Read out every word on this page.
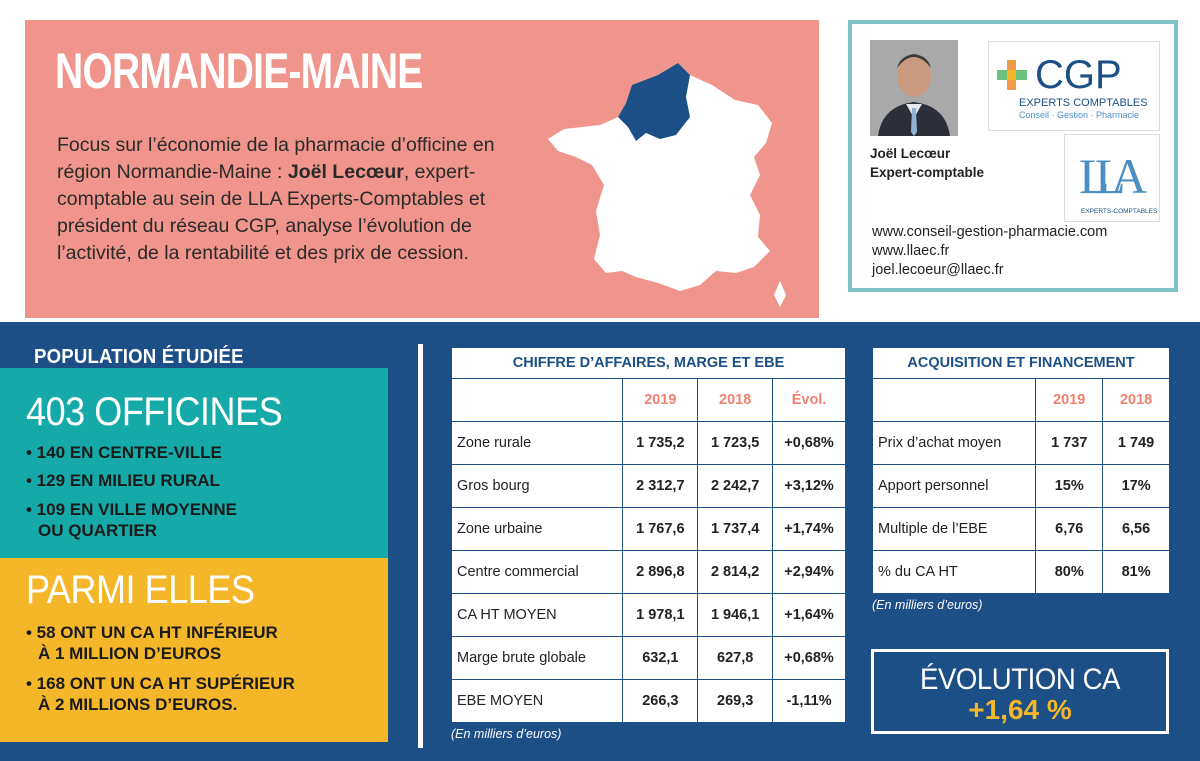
NORMANDIE-MAINE
Focus sur l’économie de la pharmacie d’officine en région Normandie-Maine : Joël Lecœur, expert-comptable au sein de LLA Experts-Comptables et président du réseau CGP, analyse l’évolution de l’activité, de la rentabilité et des prix de cession.
CGP
EXPERTS COMPTABLES
Conseil · Gestion · Pharmacie
LLA
EXPERTS-COMPTABLES
Joël Lecœur
Expert-comptable
www.conseil-gestion-pharmacie.com
www.llaec.fr
joel.lecoeur@llaec.fr
POPULATION ÉTUDIÉE
403 OFFICINES
• 140 EN CENTRE-VILLE
• 129 EN MILIEU RURAL
• 109 EN VILLE MOYENNE
OU QUARTIER
PARMI ELLES
• 58 ONT UN CA HT INFÉRIEUR
À 1 MILLION D’EUROS
• 168 ONT UN CA HT SUPÉRIEUR
À 2 MILLIONS D’EUROS.
CHIFFRE D’AFFAIRES, MARGE ET EBE			
	2019	2018	Évol.
Zone rurale	1 735,2	1 723,5	+0,68%
Gros bourg	2 312,7	2 242,7	+3,12%
Zone urbaine	1 767,6	1 737,4	+1,74%
Centre commercial	2 896,8	2 814,2	+2,94%
CA HT MOYEN	1 978,1	1 946,1	+1,64%
Marge brute globale	632,1	627,8	+0,68%
EBE MOYEN	266,3	269,3	-1,11%
(En milliers d’euros)
ACQUISITION ET FINANCEMENT		
	2019	2018
Prix d’achat moyen	1 737	1 749
Apport personnel	15%	17%
Multiple de l’EBE	6,76	6,56
% du CA HT	80%	81%
(En milliers d’euros)
ÉVOLUTION CA
+1,64 %
